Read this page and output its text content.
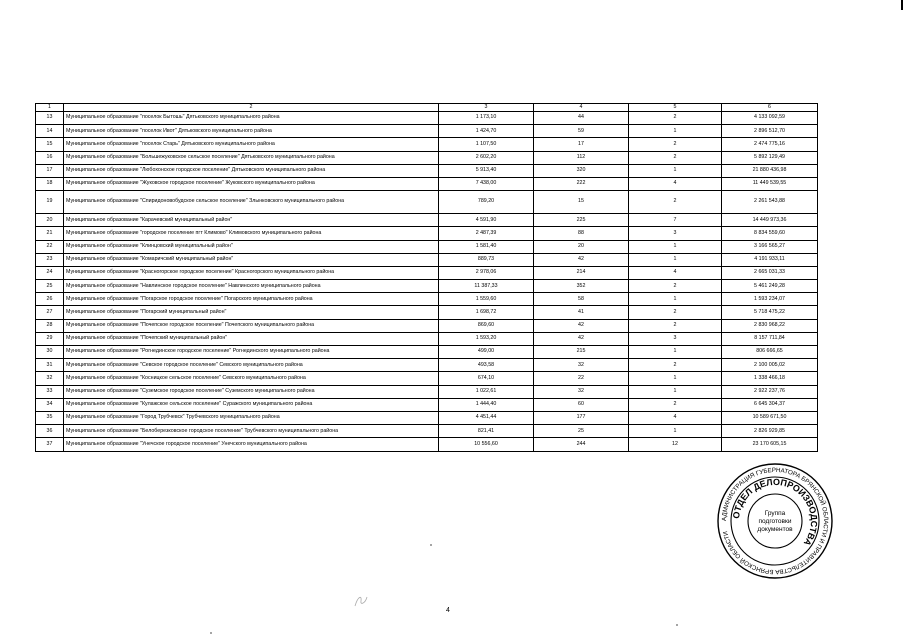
1	2	3	4	5	6
13	Муниципальное образование "поселок Бытошь" Дятьковского муниципального района	1 173,10	44	2	4 133 092,59
14	Муниципальное образование "поселок Ивот" Дятьковского муниципального района	1 424,70	59	1	2 896 512,70
15	Муниципальное образование "поселок Старь" Дятьковского муниципального района	1 107,50	17	2	2 474 775,16
16	Муниципальное образование "Большежуковское сельское поселение" Дятьковского муниципального района	2 602,20	112	2	5 892 129,49
17	Муниципальное образование "Любохонское городское поселение" Дятьковского муниципального района	5 913,40	320	1	21 880 436,98
18	Муниципальное образование "Жуковское городское поселение" Жуковского муниципального района	7 438,00	222	4	11 449 539,55
19	Муниципальное образование "Спиридоновобудское сельское поселение" Злынковского муниципального района	789,20	15	2	2 261 543,88
20	Муниципальное образование "Карачевский муниципальный район"	4 591,90	225	7	14 449 973,36
21	Муниципальное образование "городское поселение пгт Климово" Климовского муниципального района	2 487,39	88	3	8 834 559,60
22	Муниципальное образование "Клинцовский муниципальный район"	1 581,40	20	1	3 166 565,27
23	Муниципальное образование "Комаричский муниципальный район"	889,73	42	1	4 191 933,11
24	Муниципальное образование "Красногорское городское поселение" Красногорского муниципального района	2 978,06	214	4	2 665 031,33
25	Муниципальное образование "Навлинское городское поселение" Навлинского муниципального района	11 387,33	352	2	5 461 249,28
26	Муниципальное образование "Погарское городское поселение" Погарского муниципального района	1 559,60	58	1	1 593 234,07
27	Муниципальное образование "Погарский муниципальный район"	1 698,72	41	2	5 718 475,22
28	Муниципальное образование "Почепское городское поселение" Почепского муниципального района	869,60	42	2	2 830 968,22
29	Муниципальное образование "Почепский муниципальный район"	1 593,20	42	3	8 157 711,84
30	Муниципальное образование "Рогнединское городское поселение" Рогнединского муниципального района	499,00	215	1	806 666,65
31	Муниципальное образование "Севское городское поселение" Севского муниципального района	493,58	32	2	2 100 005,02
32	Муниципальное образование "Косницкое сельское поселение" Севского муниципального района	674,10	22	1	1 338 466,18
33	Муниципальное образование "Суземское городское поселение" Суземского муниципального района	1 022,61	32	1	2 922 237,76
34	Муниципальное образование "Кулажское сельское поселение" Суражского муниципального района	1 444,40	60	2	6 645 304,37
35	Муниципальное образование "Город Трубчевск" Трубчевского муниципального района	4 451,44	177	4	10 589 671,50
36	Муниципальное образование "Белоберезковское городское поселение" Трубчевского муниципального района	821,41	25	1	2 826 929,85
37	Муниципальное образование "Унечское городское поселение" Унечского муниципального района	10 556,60	244	12	23 170 605,15
4
АДМИНИСТРАЦИЯ ГУБЕРНАТОРА БРЯНСКОЙ ОБЛАСТИ И ПРАВИТЕЛЬСТВА БРЯНСКОЙ ОБЛАСТИ
ОТДЕЛ ДЕЛОПРОИЗВОДСТВА
Группа
подготовки
документов
